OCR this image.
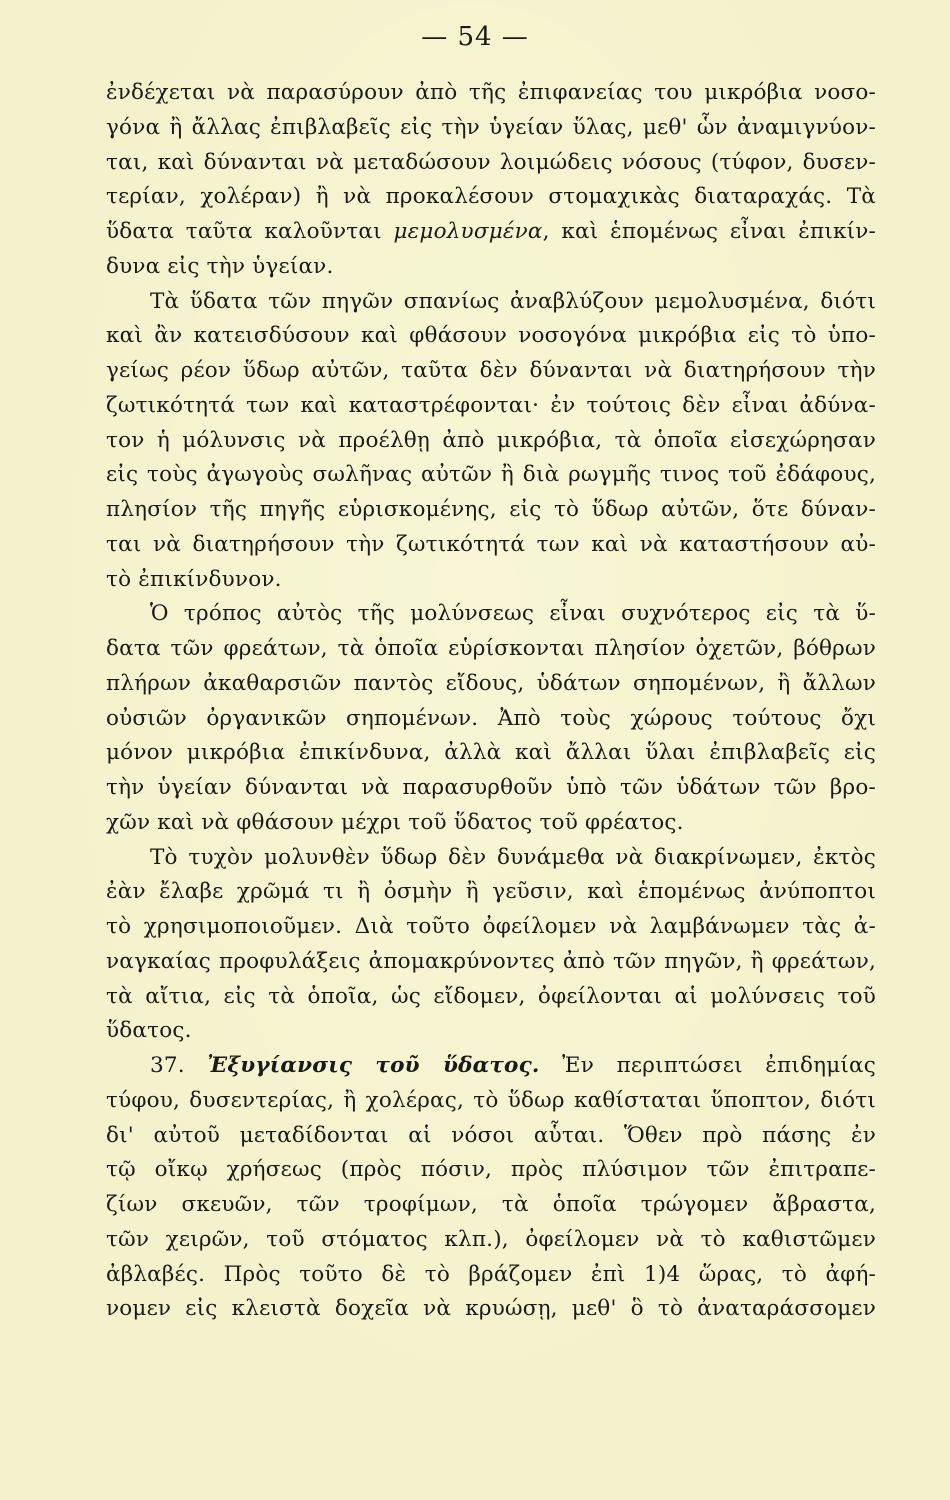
— 54 —
ἐνδέχεται νὰ παρασύρουν ἀπὸ τῆς ἐπιφανείας του μικρόβια νοσο-
γόνα ἢ ἄλλας ἐπιβλαβεῖς εἰς τὴν ὑγείαν ὕλας, μεθ' ὧν ἀναμιγνύον-
ται, καὶ δύνανται νὰ μεταδώσουν λοιμώδεις νόσους (τύφον, δυσεν-
τερίαν, χολέραν) ἢ νὰ προκαλέσουν στομαχικὰς διαταραχάς. Τὰ
ὕδατα ταῦτα καλοῦνται μεμολυσμένα, καὶ ἑπομένως εἶναι ἐπικίν-
δυνα εἰς τὴν ὑγείαν.
Τὰ ὕδατα τῶν πηγῶν σπανίως ἀναβλύζουν μεμολυσμένα, διότι
καὶ ἂν κατεισδύσουν καὶ φθάσουν νοσογόνα μικρόβια εἰς τὸ ὑπο-
γείως ρέον ὕδωρ αὐτῶν, ταῦτα δὲν δύνανται νὰ διατηρήσουν τὴν
ζωτικότητά των καὶ καταστρέφονται· ἐν τούτοις δὲν εἶναι ἀδύνα-
τον ἡ μόλυνσις νὰ προέλθῃ ἀπὸ μικρόβια, τὰ ὁποῖα εἰσεχώρησαν
εἰς τοὺς ἀγωγοὺς σωλῆνας αὐτῶν ἢ διὰ ρωγμῆς τινος τοῦ ἐδάφους,
πλησίον τῆς πηγῆς εὑρισκομένης, εἰς τὸ ὕδωρ αὐτῶν, ὅτε δύναν-
ται νὰ διατηρήσουν τὴν ζωτικότητά των καὶ νὰ καταστήσουν αὐ-
τὸ ἐπικίνδυνον.
Ὁ τρόπος αὐτὸς τῆς μολύνσεως εἶναι συχνότερος εἰς τὰ ὕ-
δατα τῶν φρεάτων, τὰ ὁποῖα εὑρίσκονται πλησίον ὀχετῶν, βόθρων
πλήρων ἀκαθαρσιῶν παντὸς εἴδους, ὑδάτων σηπομένων, ἢ ἄλλων
οὐσιῶν ὀργανικῶν σηπομένων. Ἀπὸ τοὺς χώρους τούτους ὄχι
μόνον μικρόβια ἐπικίνδυνα, ἀλλὰ καὶ ἄλλαι ὕλαι ἐπιβλαβεῖς εἰς
τὴν ὑγείαν δύνανται νὰ παρασυρθοῦν ὑπὸ τῶν ὑδάτων τῶν βρο-
χῶν καὶ νὰ φθάσουν μέχρι τοῦ ὕδατος τοῦ φρέατος.
Τὸ τυχὸν μολυνθὲν ὕδωρ δὲν δυνάμεθα νὰ διακρίνωμεν, ἐκτὸς
ἐὰν ἔλαβε χρῶμά τι ἢ ὀσμὴν ἢ γεῦσιν, καὶ ἑπομένως ἀνύποπτοι
τὸ χρησιμοποιοῦμεν. Διὰ τοῦτο ὀφείλομεν νὰ λαμβάνωμεν τὰς ἀ-
ναγκαίας προφυλάξεις ἀπομακρύνοντες ἀπὸ τῶν πηγῶν, ἢ φρεάτων,
τὰ αἴτια, εἰς τὰ ὁποῖα, ὡς εἴδομεν, ὀφείλονται αἱ μολύνσεις τοῦ
ὕδατος.
37. Ἐξυγίανσις τοῦ ὕδατος. Ἐν περιπτώσει ἐπιδημίας
τύφου, δυσεντερίας, ἢ χολέρας, τὸ ὕδωρ καθίσταται ὕποπτον, διότι
δι' αὐτοῦ μεταδίδονται αἱ νόσοι αὗται. Ὅθεν πρὸ πάσης ἐν
τῷ οἴκῳ χρήσεως (πρὸς πόσιν, πρὸς πλύσιμον τῶν ἐπιτραπε-
ζίων σκευῶν, τῶν τροφίμων, τὰ ὁποῖα τρώγομεν ἄβραστα,
τῶν χειρῶν, τοῦ στόματος κλπ.), ὀφείλομεν νὰ τὸ καθιστῶμεν
ἀβλαβές. Πρὸς τοῦτο δὲ τὸ βράζομεν ἐπὶ 1)4 ὥρας, τὸ ἀφή-
νομεν εἰς κλειστὰ δοχεῖα νὰ κρυώσῃ, μεθ' ὃ τὸ ἀναταράσσομεν
